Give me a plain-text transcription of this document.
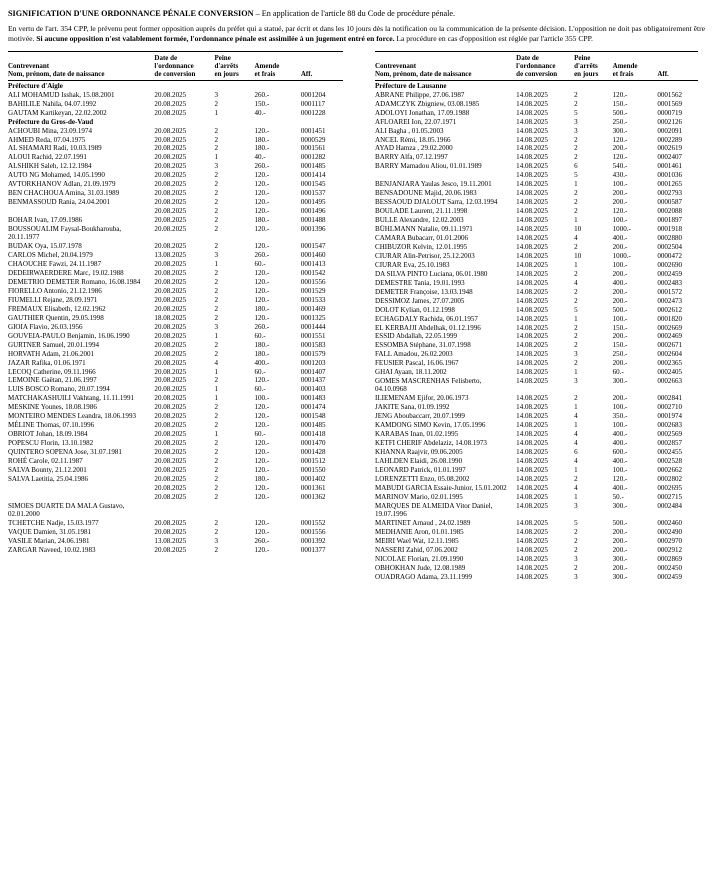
SIGNIFICATION D'UNE ORDONNANCE PÉNALE CONVERSION – En application de l'article 88 du Code de procédure pénale.
En vertu de l'art. 354 CPP, le prévenu peut former opposition auprès du préfet qui a statué, par écrit et dans les 10 jours dès la notification ou la communication de la présente décision. L'opposition ne doit pas obligatoirement être motivée. Si aucune opposition n'est valablement formée, l'ordonnance pénale est assimilée à un jugement entré en force. La procédure en cas d'opposition est réglée par l'article 355 CPP.
Contrevenant
Nom, prénom, date de naissance

Date de
l'ordonnance
de conversion

Peine
d'arrêts
en jours

Amende
et frais	Aff.

Préfecture d'Aigle				
ALI MOHAMUD Isshak, 15.08.2001	20.08.2025	3	260.-	0001204
BAHILILE Nahila, 04.07.1992	20.08.2025	2	150.-	0001117
GAUTAM Kartikeyan, 22.02.2002	20.08.2025	1	40.-	0001228
Préfecture du Gros-de-Vaud				
ACHOUBI Mina, 23.09.1974	20.08.2025	2	120.-	0001451
AHMED Reda, 07.04.1975	20.08.2025	2	180.-	0000529
AL SHAMARI Radi, 10.03.1989	20.08.2025	2	180.-	0001561
ALOUI Rachid, 22.07.1991	20.08.2025	1	40.-	0001282
ALSHIKH Saleh, 12.12.1984	20.08.2025	3	260.-	0001485
AUTO NG Mohamed, 14.05.1990	20.08.2025	2	120.-	0001414
AVTORKHANOV Adlan, 21.09.1979	20.08.2025	2	120.-	0001545
BEN CHACHOUA Amina, 31.03.1989	20.08.2025	2	120.-	0001537
BENMASSOUD Rania, 24.04.2001	20.08.2025	2	120.-	0001495
	20.08.2025	2	120.-	0001496
BOHAR Ivan, 17.09.1986	20.08.2025	2	180.-	0001488
BOUSSOUALIM Faysal-Boukharouba, 20.11.1977	20.08.2025	2	120.-	0001396
BUDAK Oya, 15.07.1978	20.08.2025	2	120.-	0001547
CARLOS Michel, 20.04.1979	13.08.2025	3	260.-	0001460
CHAOUCHE Fawzi, 24.11.1987	20.08.2025	1	60.-	0001413
DEDEIRWAERDERE Marc, 19.02.1988	20.08.2025	2	120.-	0001542
DEMETRIO DEMETER Romano, 16.08.1984	20.08.2025	2	120.-	0001556
FIORELLO Antonio, 21.12.1986	20.08.2025	2	120.-	0001529
FIUMELLI Rejane, 28.09.1971	20.08.2025	2	120.-	0001533
FREMAUX Elisabeth, 12.02.1962	20.08.2025	2	180.-	0001469
GAUTHIER Quentin, 29.05.1998	18.08.2025	2	120.-	0001325
GIOIA Flavio, 26.03.1956	20.08.2025	3	260.-	0001444
GOUVEIA-PAULO Benjamin, 16.06.1990	20.08.2025	1	60.-	0001551
GURTNER Samuel, 20.01.1994	20.08.2025	2	180.-	0001583
HORVATH Adam, 21.06.2001	20.08.2025	2	180.-	0001579
JAZAR Rafika, 01.06.1971	20.08.2025	4	400.-	0001203
LECOQ Catherine, 09.11.1966	20.08.2025	1	60.-	0001407
LEMOINE Gaëtan, 21.06.1997	20.08.2025	2	120.-	0001437
LUIS BOSCO Romano, 20.07.1994	20.08.2025	1	60.-	0001403
MATCHAKASHUILI Vakhtang, 11.11.1991	20.08.2025	1	100.-	0001483
MESKINE Younes, 18.08.1986	20.08.2025	2	120.-	0001474
MONTEIRO MENDES Leandra, 18.06.1993	20.08.2025	2	120.-	0001548
MÉLINE Thomas, 07.10.1996	20.08.2025	2	120.-	0001485
OBRIOT Johan, 18.09.1984	20.08.2025	1	60.-	0001418
POPESCU Florin, 13.10.1982	20.08.2025	2	120.-	0001470
QUINTERO SOPENA Jose, 31.07.1981	20.08.2025	2	120.-	0001428
ROHÉ Carole, 02.11.1987	20.08.2025	2	120.-	0001512
SALVA Bounty, 21.12.2001	20.08.2025	2	120.-	0001550
SALVA Laetitia, 25.04.1986	20.08.2025	2	180.-	0001402
	20.08.2025	2	120.-	0001361
	20.08.2025	2	120.-	0001362
SIMOES DUARTE DA MALA Gustavo, 02.01.2000				
TCHETCHE Nadje, 15.03.1977	20.08.2025	2	120.-	0001552
VAQUE Damien, 31.05.1981	20.08.2025	2	120.-	0001556
VASILE Marian, 24.06.1981	13.08.2025	3	260.-	0001392
ZARGAR Naveed, 10.02.1983	20.08.2025	2	120.-	0001377
Contrevenant
Nom, prénom, date de naissance

Date de
l'ordonnance
de conversion

Peine
d'arrêts
en jours

Amende
et frais	Aff.

Préfecture de Lausanne				
ABRANE Philippe, 27.06.1987	14.08.2025	2	120.-	0001562
ADAMCZYK Zbigniew, 03.08.1985	14.08.2025	2	150.-	0001569
ADOLOYI Jonathan, 17.09.1988	14.08.2025	5	500.-	0000719
AFLOAREI Ion, 22.07.1971	14.08.2025	3	250.-	0002126
ALI Bagha , 01.05.2003	14.08.2025	3	300.-	0002091
ANCEL Rémi, 18.05.1966	14.08.2025	2	120.-	0002289
AYAD Hamza , 29.02.2000	14.08.2025	2	200.-	0002619
BARRY Alfa, 07.12.1997	14.08.2025	2	120.-	0002407
BARRY Mamadou Aliou, 01.01.1989	14.08.2025	6	540.-	0001461
	14.08.2025	5	430.-	0001036
BENJANJARA Yaulas Jesco, 19.11.2001	14.08.2025	1	100.-	0001265
BENSADOUNE Majid, 20.06.1983	14.08.2025	2	200.-	0002793
BESSAOUD DJALOUT Sarra, 12.03.1994	14.08.2025	2	200.-	0000587
BOULADE Laurent, 21.11.1998	14.08.2025	2	120.-	0002088
BULLE Alexandre, 12.02.2003	14.08.2025	1	100.-	0001897
BÜHLMANN Natalie, 09.11.1971	14.08.2025	10	1000.-	0001918
CAMARA Bubacarr, 01.01.2006	14.08.2025	4	400.-	0002880
CHIBUZOR Kelvin, 12.01.1995	14.08.2025	2	200.-	0002504
CIURAR Alin-Petrisor, 25.12.2003	14.08.2025	10	1000.-	0000472
CIURAR Eva, 25.10.1983	14.08.2025	1	100.-	0002690
DA SILVA PINTO Luciana, 06.01.1980	14.08.2025	2	200.-	0002459
DEMESTRE Tania, 19.01.1993	14.08.2025	4	400.-	0002483
DEMETER Françoise, 13.03.1948	14.08.2025	2	200.-	0001572
DESSIMOZ James, 27.07.2005	14.08.2025	2	200.-	0002473
DOLOT Kylian, 01.12.1998	14.08.2025	5	500.-	0002612
ECHAGDALY Rachida, 06.01.1957	14.08.2025	1	100.-	0001820
EL KERBAJJI Abdelhak, 01.12.1996	14.08.2025	2	150.-	0002669
ESSID Abdallah, 22.05.1999	14.08.2025	2	200.-	0002469
ESSOMBA Stéphane, 31.07.1998	14.08.2025	2	150.-	0002671
FALL Amadou, 26.02.2003	14.08.2025	3	250.-	0002604
FEUSIER Pascal, 16.06.1967	14.08.2025	2	200.-	0002365
GHAI Ayaan, 18.11.2002	14.08.2025	1	60.-	0002405
GOMES MASCRENHAS Felisberto, 04.10.0968	14.08.2025	3	300.-	0002663
ILIEMENAM Ejifor, 20.06.1973	14.08.2025	2	200.-	0002841
JAKITE Sana, 01.09.1992	14.08.2025	1	100.-	0002710
JENG Aboubaccarr, 20.07.1999	14.08.2025	4	350.-	0001974
KAMDONG SIMO Kevin, 17.05.1996	14.08.2025	1	100.-	0002683
KARABAS Inan, 01.02.1995	14.08.2025	4	400.-	0002569
KETFI CHERIF Abdelaziz, 14.08.1973	14.08.2025	4	400.-	0002857
KHANNA Raajvir, 09.06.2005	14.08.2025	6	600.-	0002455
LAHLDEN Elaidi, 26.08.1990	14.08.2025	4	400.-	0002528
LEONARD Patrick, 01.01.1997	14.08.2025	1	100.-	0002662
LORENZETTI Enzo, 05.08.2002	14.08.2025	2	120.-	0002802
MABUDI GARCIA Essaie-Junior, 15.01.2002	14.08.2025	4	400.-	0002695
MARINOV Mario, 02.01.1995	14.08.2025	1	50.-	0002715
MARQUES DE ALMEIDA Vitor Daniel, 19.07.1996	14.08.2025	3	300.-	0002484
MARTINET Arnaud , 24.02.1989	14.08.2025	5	500.-	0002460
MEDHANIE Aron, 01.01.1985	14.08.2025	2	200.-	0002490
MEIRI Wael Wat, 12.11.1985	14.08.2025	2	200.-	0002970
NASSERI Zahid, 07.06.2002	14.08.2025	2	200.-	0002912
NICOLAE Florian, 21.09.1990	14.08.2025	3	300.-	0002869
OBHOKHAN Jude, 12.08.1989	14.08.2025	2	200.-	0002450
OUADRAGO Adama, 23.11.1999	14.08.2025	3	300.-	0002459
